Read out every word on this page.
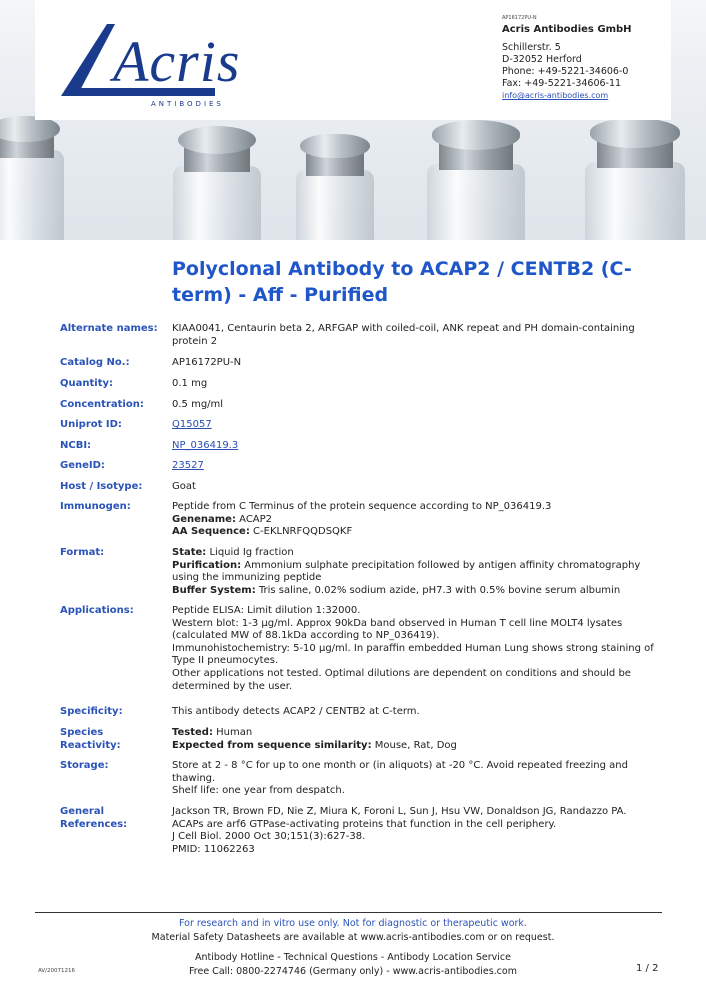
Acris
ANTIBODIES
AP16172PU-N
Acris Antibodies GmbH
Schillerstr. 5
D-32052 Herford
Phone: +49-5221-34606-0
Fax: +49-5221-34606-11
info@acris-antibodies.com
Polyclonal Antibody to ACAP2 / CENTB2 (C-term) - Aff - Purified
Alternate names:	KIAA0041, Centaurin beta 2, ARFGAP with coiled-coil, ANK repeat and PH domain-containing protein 2
Catalog No.:	AP16172PU-N
Quantity:	0.1 mg
Concentration:	0.5 mg/ml
Uniprot ID:	Q15057
NCBI:	NP_036419.3
GeneID:	23527
Host / Isotype:	Goat
Immunogen:	Peptide from C Terminus of the protein sequence according to NP_036419.3
Genename: ACAP2
AA Sequence: C-EKLNRFQQDSQKF
Format:	State: Liquid Ig fraction
Purification: Ammonium sulphate precipitation followed by antigen affinity chromatography using the immunizing peptide
Buffer System: Tris saline, 0.02% sodium azide, pH7.3 with 0.5% bovine serum albumin
Applications:	Peptide ELISA: Limit dilution 1:32000.
Western blot: 1-3 µg/ml. Approx 90kDa band observed in Human T cell line MOLT4 lysates (calculated MW of 88.1kDa according to NP_036419).
Immunohistochemistry: 5-10 µg/ml. In paraffin embedded Human Lung shows strong staining of Type II pneumocytes.
Other applications not tested. Optimal dilutions are dependent on conditions and should be determined by the user.
Specificity:	This antibody detects ACAP2 / CENTB2 at C-term.
Species
Reactivity:
Tested: Human
Expected from sequence similarity: Mouse, Rat, Dog
Storage:	Store at 2 - 8 °C for up to one month or (in aliquots) at -20 °C. Avoid repeated freezing and thawing.
Shelf life: one year from despatch.
General
References:
Jackson TR, Brown FD, Nie Z, Miura K, Foroni L, Sun J, Hsu VW, Donaldson JG, Randazzo PA.
ACAPs are arf6 GTPase-activating proteins that function in the cell periphery.
J Cell Biol. 2000 Oct 30;151(3):627-38.
PMID: 11062263
For research and in vitro use only. Not for diagnostic or therapeutic work.
Material Safety Datasheets are available at www.acris-antibodies.com or on request.
Antibody Hotline - Technical Questions - Antibody Location Service
Free Call: 0800-2274746 (Germany only) - www.acris-antibodies.com
AV/20071216	1 / 2
